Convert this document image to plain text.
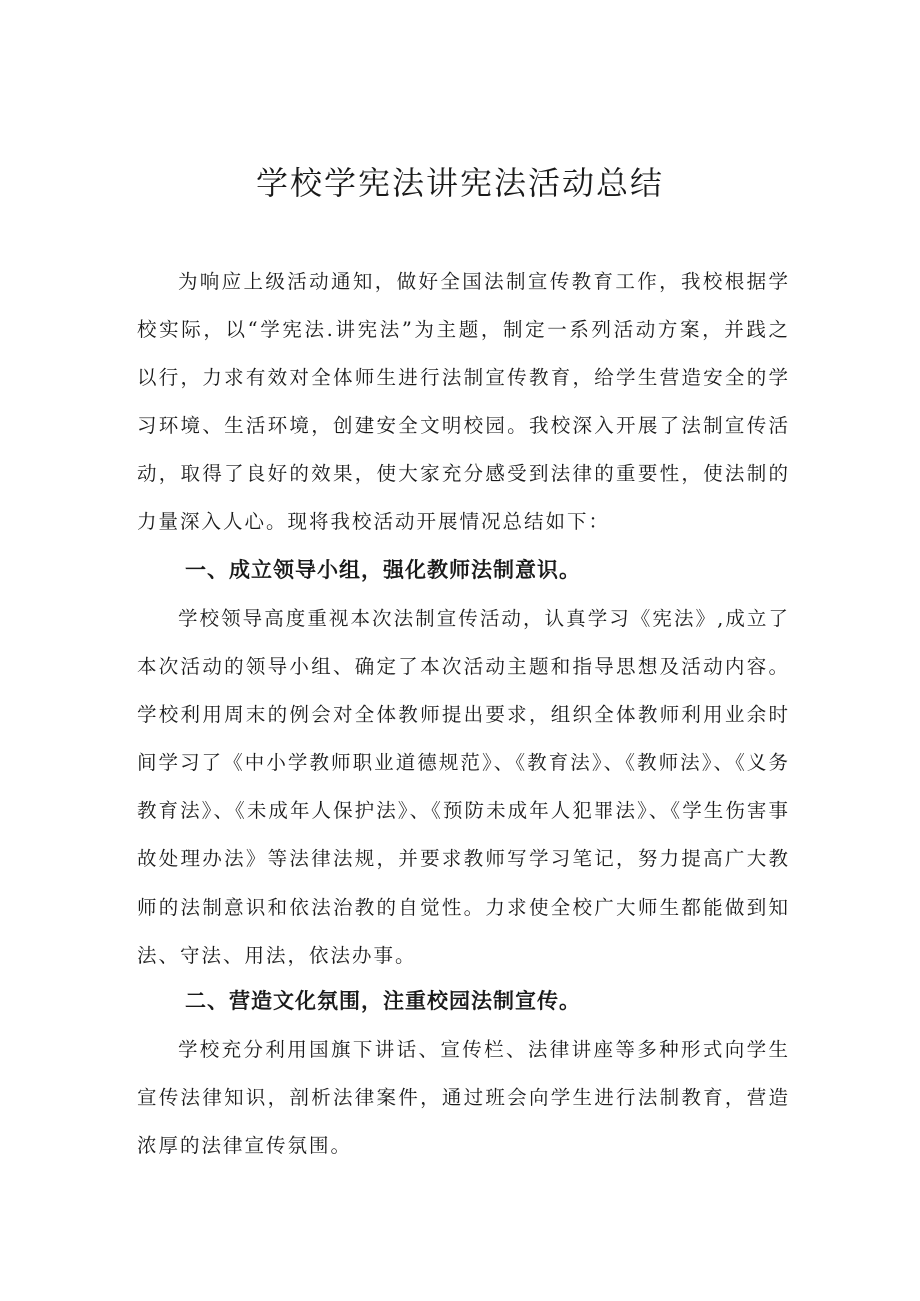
学校学宪法讲宪法活动总结

为响应上级活动通知，做好全国法制宣传教育工作，我校根据学校实际，以“学宪法.讲宪法”为主题，制定一系列活动方案，并践之以行，力求有效对全体师生进行法制宣传教育，给学生营造安全的学习环境、生活环境，创建安全文明校园。我校深入开展了法制宣传活动，取得了良好的效果，使大家充分感受到法律的重要性，使法制的力量深入人心。现将我校活动开展情况总结如下：

一、成立领导小组，强化教师法制意识。

学校领导高度重视本次法制宣传活动，认真学习《宪法》,成立了本次活动的领导小组、确定了本次活动主题和指导思想及活动内容。学校利用周末的例会对全体教师提出要求，组织全体教师利用业余时间学习了《中小学教师职业道德规范》、《教育法》、《教师法》、《义务教育法》、《未成年人保护法》、《预防未成年人犯罪法》、《学生伤害事故处理办法》等法律法规，并要求教师写学习笔记，努力提高广大教师的法制意识和依法治教的自觉性。力求使全校广大师生都能做到知法、守法、用法，依法办事。

二、营造文化氛围，注重校园法制宣传。

学校充分利用国旗下讲话、宣传栏、法律讲座等多种形式向学生宣传法律知识，剖析法律案件，通过班会向学生进行法制教育，营造浓厚的法律宣传氛围。
